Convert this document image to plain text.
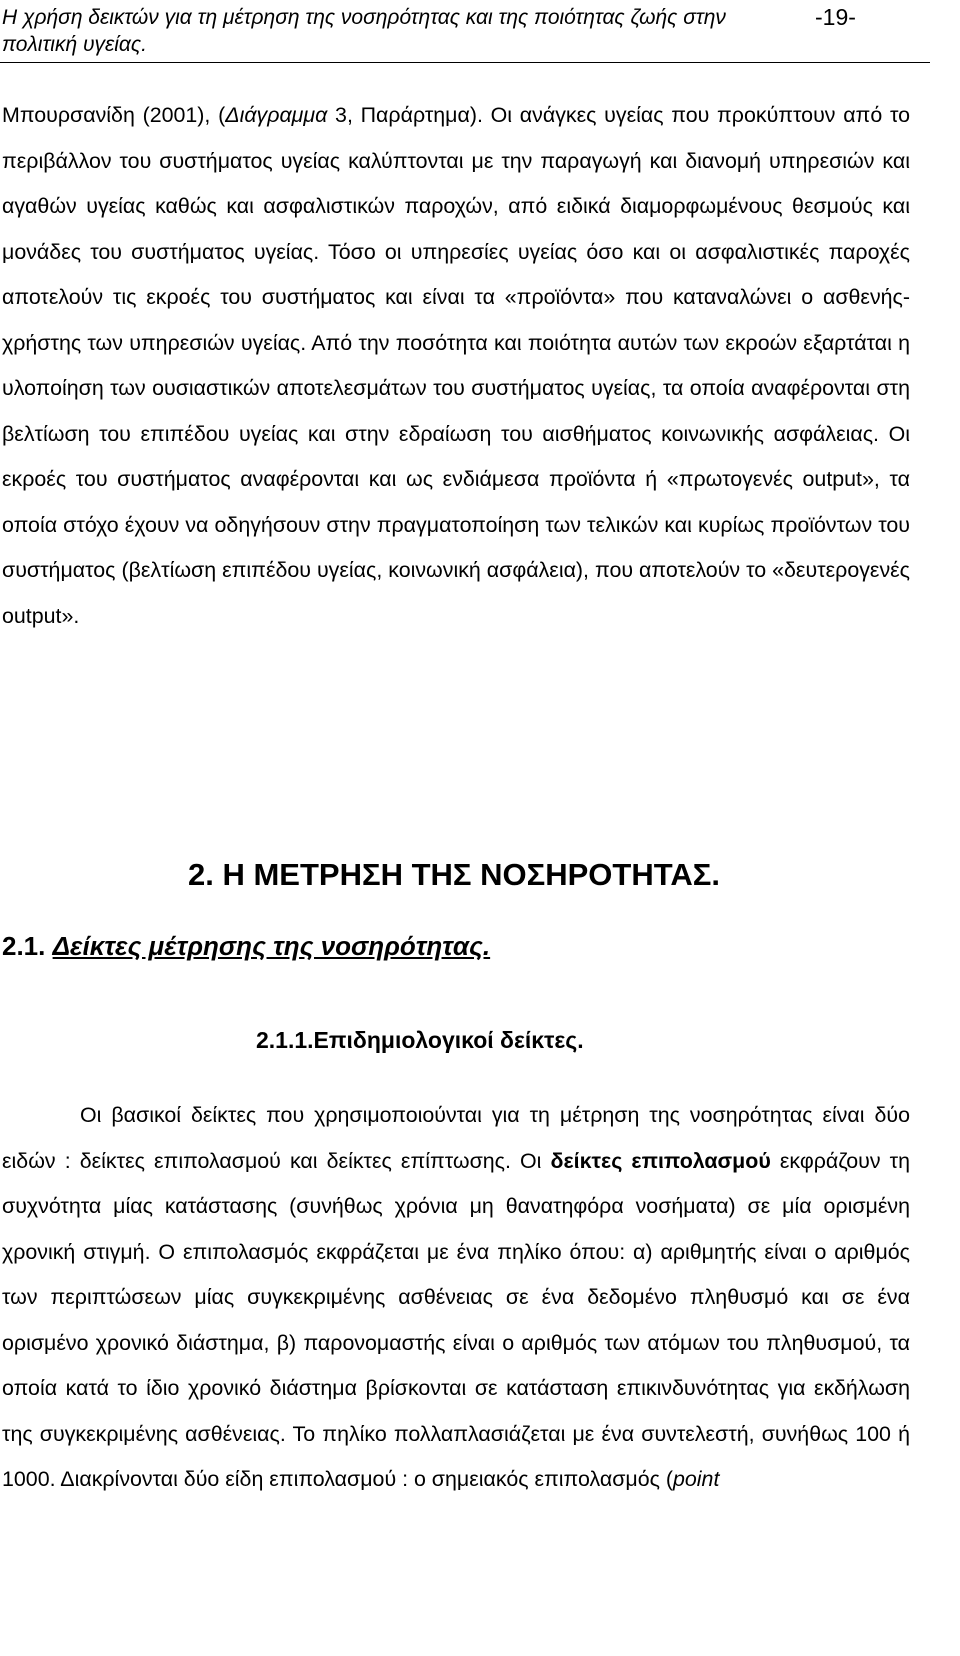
Η χρήση δεικτών για τη μέτρηση της νοσηρότητας και της ποιότητας ζωής στην πολιτική υγείας.
-19-

Μπουρσανίδη (2001), (Διάγραμμα 3, Παράρτημα). Οι ανάγκες υγείας που προκύπτουν από το περιβάλλον του συστήματος υγείας καλύπτονται με την παραγωγή και διανομή υπηρεσιών και αγαθών υγείας καθώς και ασφαλιστικών παροχών, από ειδικά διαμορφωμένους θεσμούς και μονάδες του συστήματος υγείας. Τόσο οι υπηρεσίες υγείας όσο και οι ασφαλιστικές παροχές αποτελούν τις εκροές του συστήματος και είναι τα «προϊόντα» που καταναλώνει ο ασθενής-χρήστης των υπηρεσιών υγείας. Από την ποσότητα και ποιότητα αυτών των εκροών εξαρτάται η υλοποίηση των ουσιαστικών αποτελεσμάτων του συστήματος υγείας, τα οποία αναφέρονται στη βελτίωση του επιπέδου υγείας και στην εδραίωση του αισθήματος κοινωνικής ασφάλειας. Οι εκροές του συστήματος αναφέρονται και ως ενδιάμεσα προϊόντα ή «πρωτογενές output», τα οποία στόχο έχουν να οδηγήσουν στην πραγματοποίηση των τελικών και κυρίως προϊόντων του συστήματος (βελτίωση επιπέδου υγείας, κοινωνική ασφάλεια), που αποτελούν το «δευτερογενές output».

2. Η ΜΕΤΡΗΣΗ ΤΗΣ ΝΟΣΗΡΟΤΗΤΑΣ.
2.1. Δείκτες μέτρησης της νοσηρότητας.
2.1.1.Επιδημιολογικοί δείκτες.

Οι βασικοί δείκτες που χρησιμοποιούνται για τη μέτρηση της νοσηρότητας είναι δύο ειδών : δείκτες επιπολασμού και δείκτες επίπτωσης. Οι δείκτες επιπολασμού εκφράζουν τη συχνότητα μίας κατάστασης (συνήθως χρόνια μη θανατηφόρα νοσήματα) σε μία ορισμένη χρονική στιγμή. Ο επιπολασμός εκφράζεται με ένα πηλίκο όπου: α) αριθμητής είναι ο αριθμός των περιπτώσεων μίας συγκεκριμένης ασθένειας σε ένα δεδομένο πληθυσμό και σε ένα ορισμένο χρονικό διάστημα, β) παρονομαστής είναι ο αριθμός των ατόμων του πληθυσμού, τα οποία κατά το ίδιο χρονικό διάστημα βρίσκονται σε κατάσταση επικινδυνότητας για εκδήλωση της συγκεκριμένης ασθένειας. Το πηλίκο πολλαπλασιάζεται με ένα συντελεστή, συνήθως 100 ή 1000. Διακρίνονται δύο είδη επιπολασμού : ο σημειακός επιπολασμός (point
